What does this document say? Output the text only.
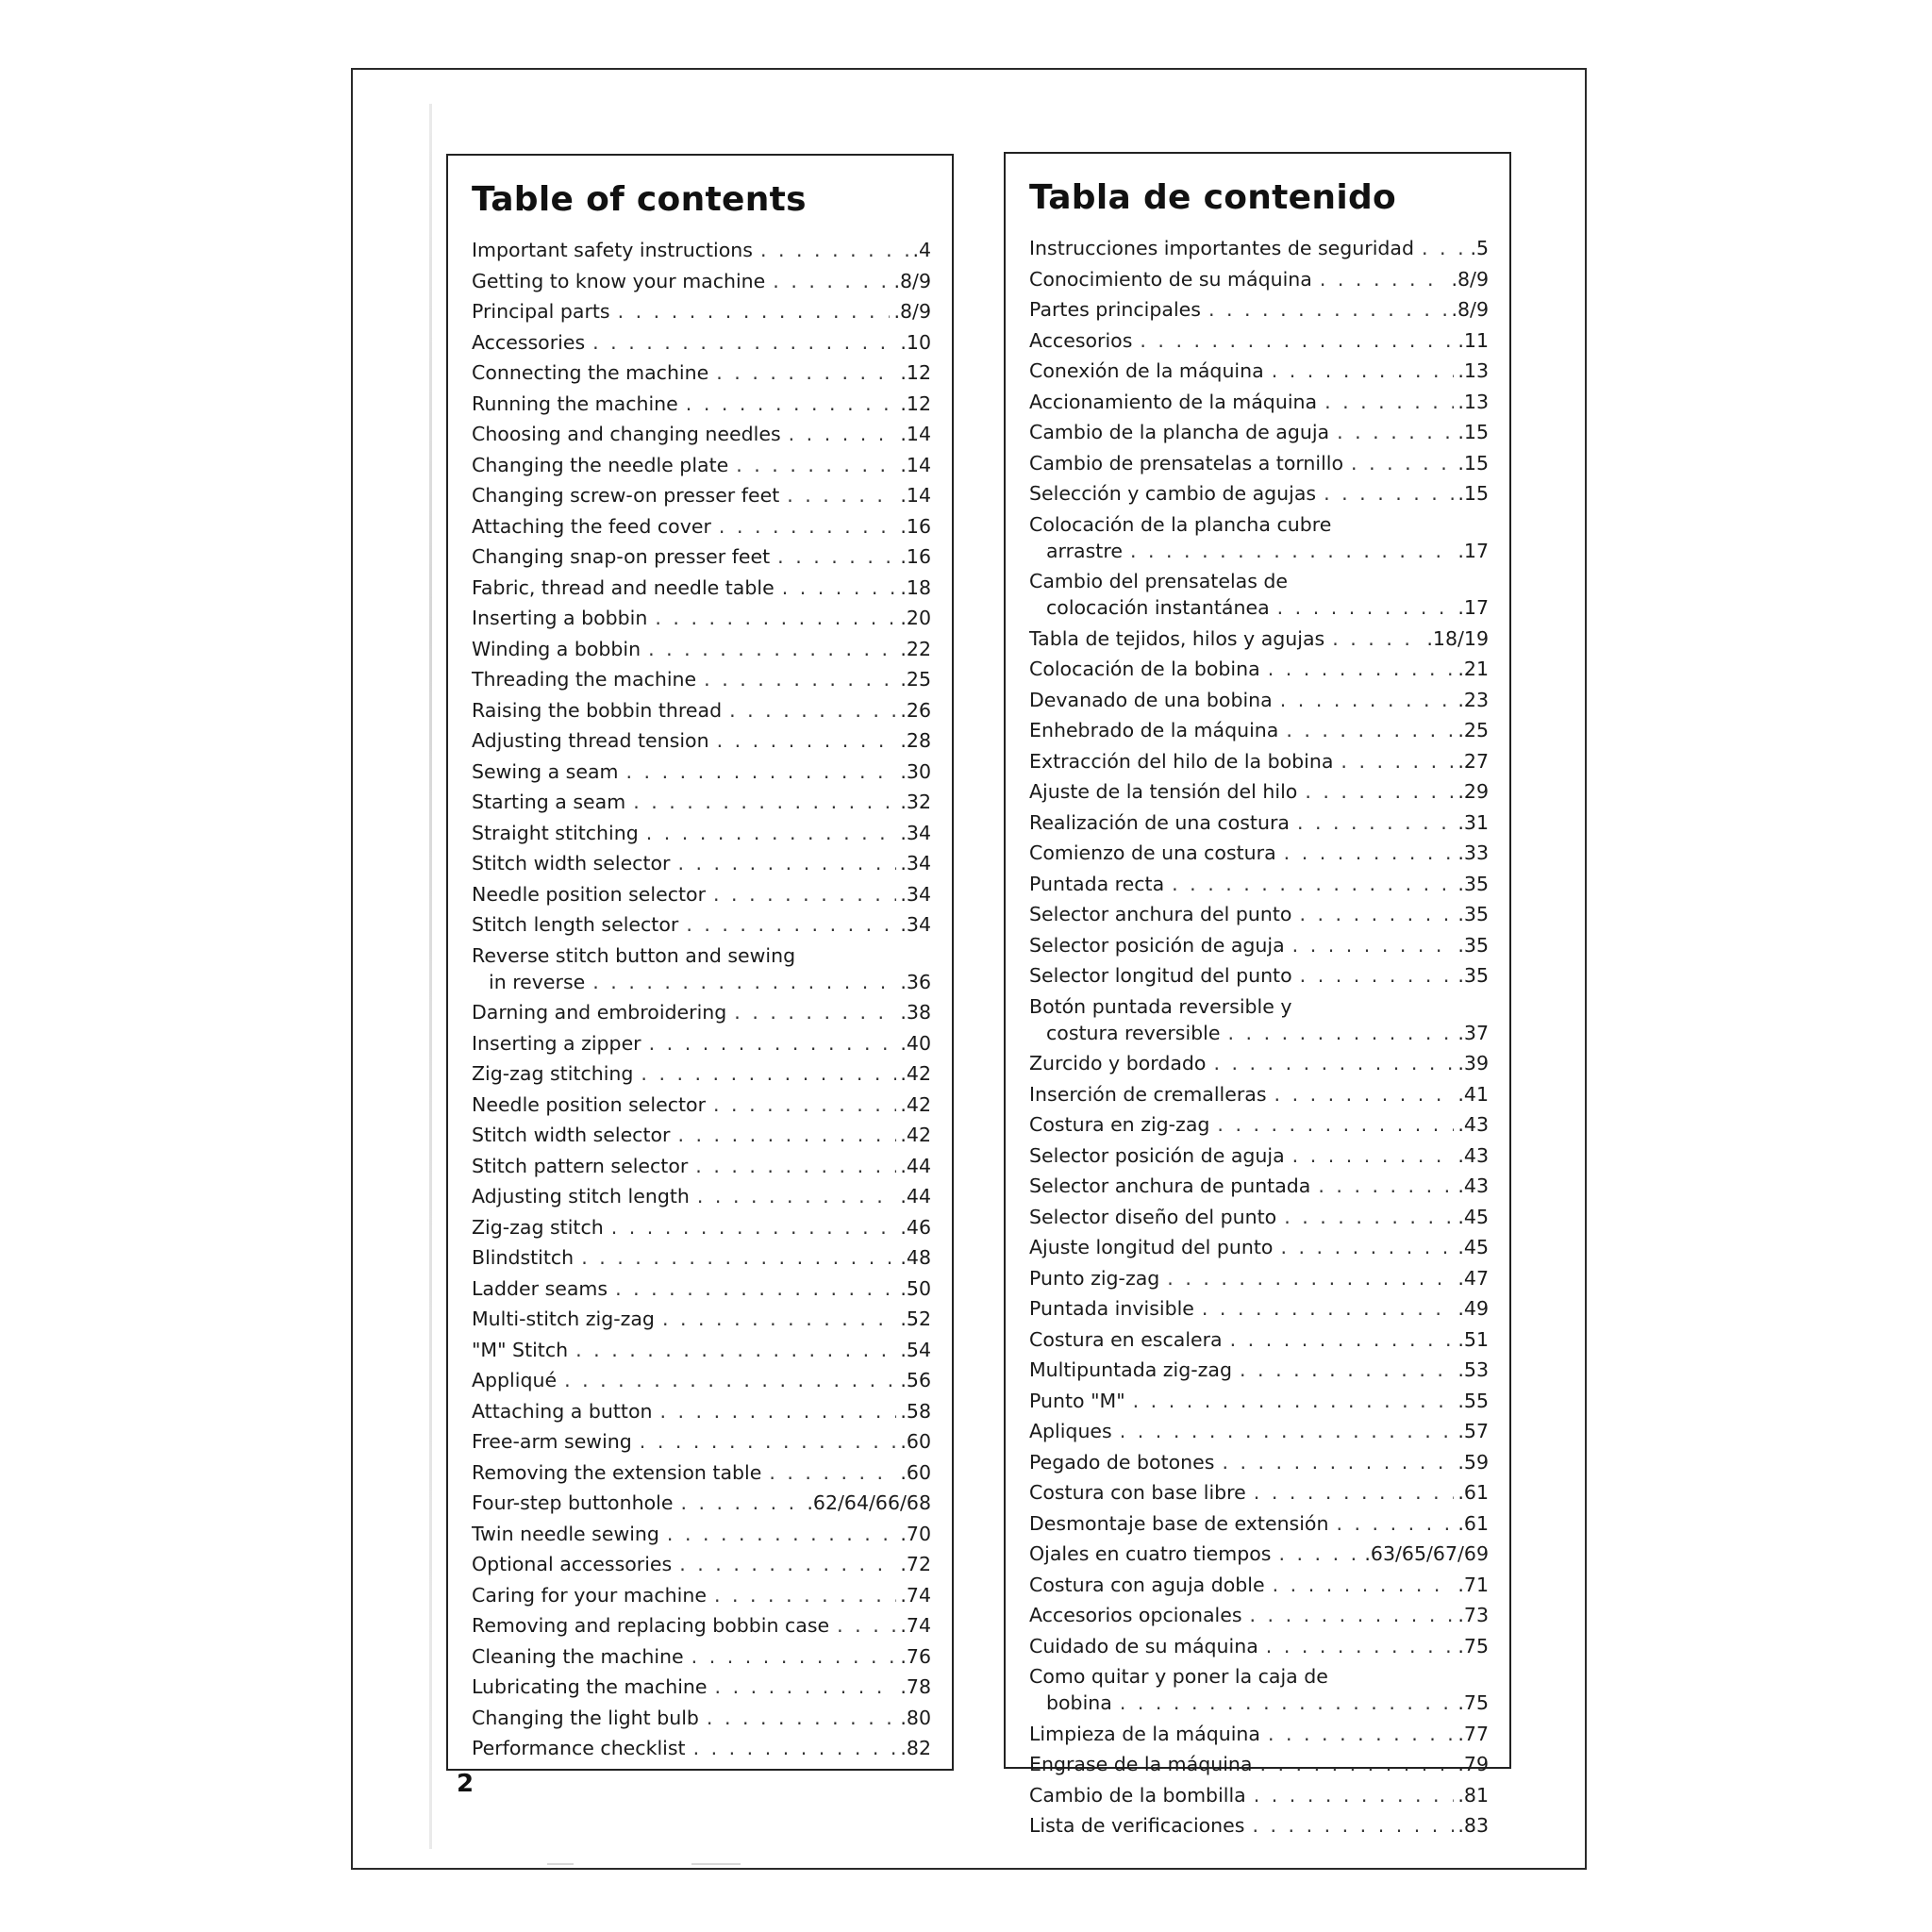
Table of contents
Important safety instructions . . .	.4
Getting to know your machine . . .	.8/9
Principal parts . . .	.8/9
Accessories . . .	.10
Connecting the machine . . .	.12
Running the machine . . .	.12
Choosing and changing needles . . .	.14
Changing the needle plate . . .	.14
Changing screw-on presser feet . . .	.14
Attaching the feed cover . . .	.16
Changing snap-on presser feet . . .	.16
Fabric, thread and needle table . . .	.18
Inserting a bobbin . . .	.20
Winding a bobbin . . .	.22
Threading the machine . . .	.25
Raising the bobbin thread . . .	.26
Adjusting thread tension . . .	.28
Sewing a seam . . .	.30
Starting a seam . . .	.32
Straight stitching . . .	.34
Stitch width selector . . .	.34
Needle position selector . . .	.34
Stitch length selector . . .	.34
Reverse stitch button and sewing
in reverse . . .	.36
Darning and embroidering . . .	.38
Inserting a zipper . . .	.40
Zig-zag stitching . . .	.42
Needle position selector . . .	.42
Stitch width selector . . .	.42
Stitch pattern selector . . .	.44
Adjusting stitch length . . .	.44
Zig-zag stitch . . .	.46
Blindstitch . . .	.48
Ladder seams . . .	.50
Multi-stitch zig-zag . . .	.52
"M" Stitch . . .	.54
Appliqué . . .	.56
Attaching a button . . .	.58
Free-arm sewing . . .	.60
Removing the extension table . . .	.60
Four-step buttonhole . . .	.62/64/66/68
Twin needle sewing . . .	.70
Optional accessories . . .	.72
Caring for your machine . . .	.74
Removing and replacing bobbin case . . .	.74
Cleaning the machine . . .	.76
Lubricating the machine . . .	.78
Changing the light bulb . . .	.80
Performance checklist . . .	.82
Tabla de contenido
Instrucciones importantes de seguridad . . .	.5
Conocimiento de su máquina . . .	.8/9
Partes principales . . .	.8/9
Accesorios . . .	.11
Conexión de la máquina . . .	.13
Accionamiento de la máquina . . .	.13
Cambio de la plancha de aguja . . .	.15
Cambio de prensatelas a tornillo . . .	.15
Selección y cambio de agujas . . .	.15
Colocación de la plancha cubre
arrastre . . .	.17
Cambio del prensatelas de
colocación instantánea . . .	.17
Tabla de tejidos, hilos y agujas . . .	.18/19
Colocación de la bobina . . .	.21
Devanado de una bobina . . .	.23
Enhebrado de la máquina . . .	.25
Extracción del hilo de la bobina . . .	.27
Ajuste de la tensión del hilo . . .	.29
Realización de una costura . . .	.31
Comienzo de una costura . . .	.33
Puntada recta . . .	.35
Selector anchura del punto . . .	.35
Selector posición de aguja . . .	.35
Selector longitud del punto . . .	.35
Botón puntada reversible y
costura reversible . . .	.37
Zurcido y bordado . . .	.39
Inserción de cremalleras . . .	.41
Costura en zig-zag . . .	.43
Selector posición de aguja . . .	.43
Selector anchura de puntada . . .	.43
Selector diseño del punto . . .	.45
Ajuste longitud del punto . . .	.45
Punto zig-zag . . .	.47
Puntada invisible . . .	.49
Costura en escalera . . .	.51
Multipuntada zig-zag . . .	.53
Punto "M" . . .	.55
Apliques . . .	.57
Pegado de botones . . .	.59
Costura con base libre . . .	.61
Desmontaje base de extensión . . .	.61
Ojales en cuatro tiempos . . .	.63/65/67/69
Costura con aguja doble . . .	.71
Accesorios opcionales . . .	.73
Cuidado de su máquina . . .	.75
Como quitar y poner la caja de
bobina . . .	.75
Limpieza de la máquina . . .	.77
Engrase de la máquina . . .	.79
Cambio de la bombilla . . .	.81
Lista de verificaciones . . .	.83
2
